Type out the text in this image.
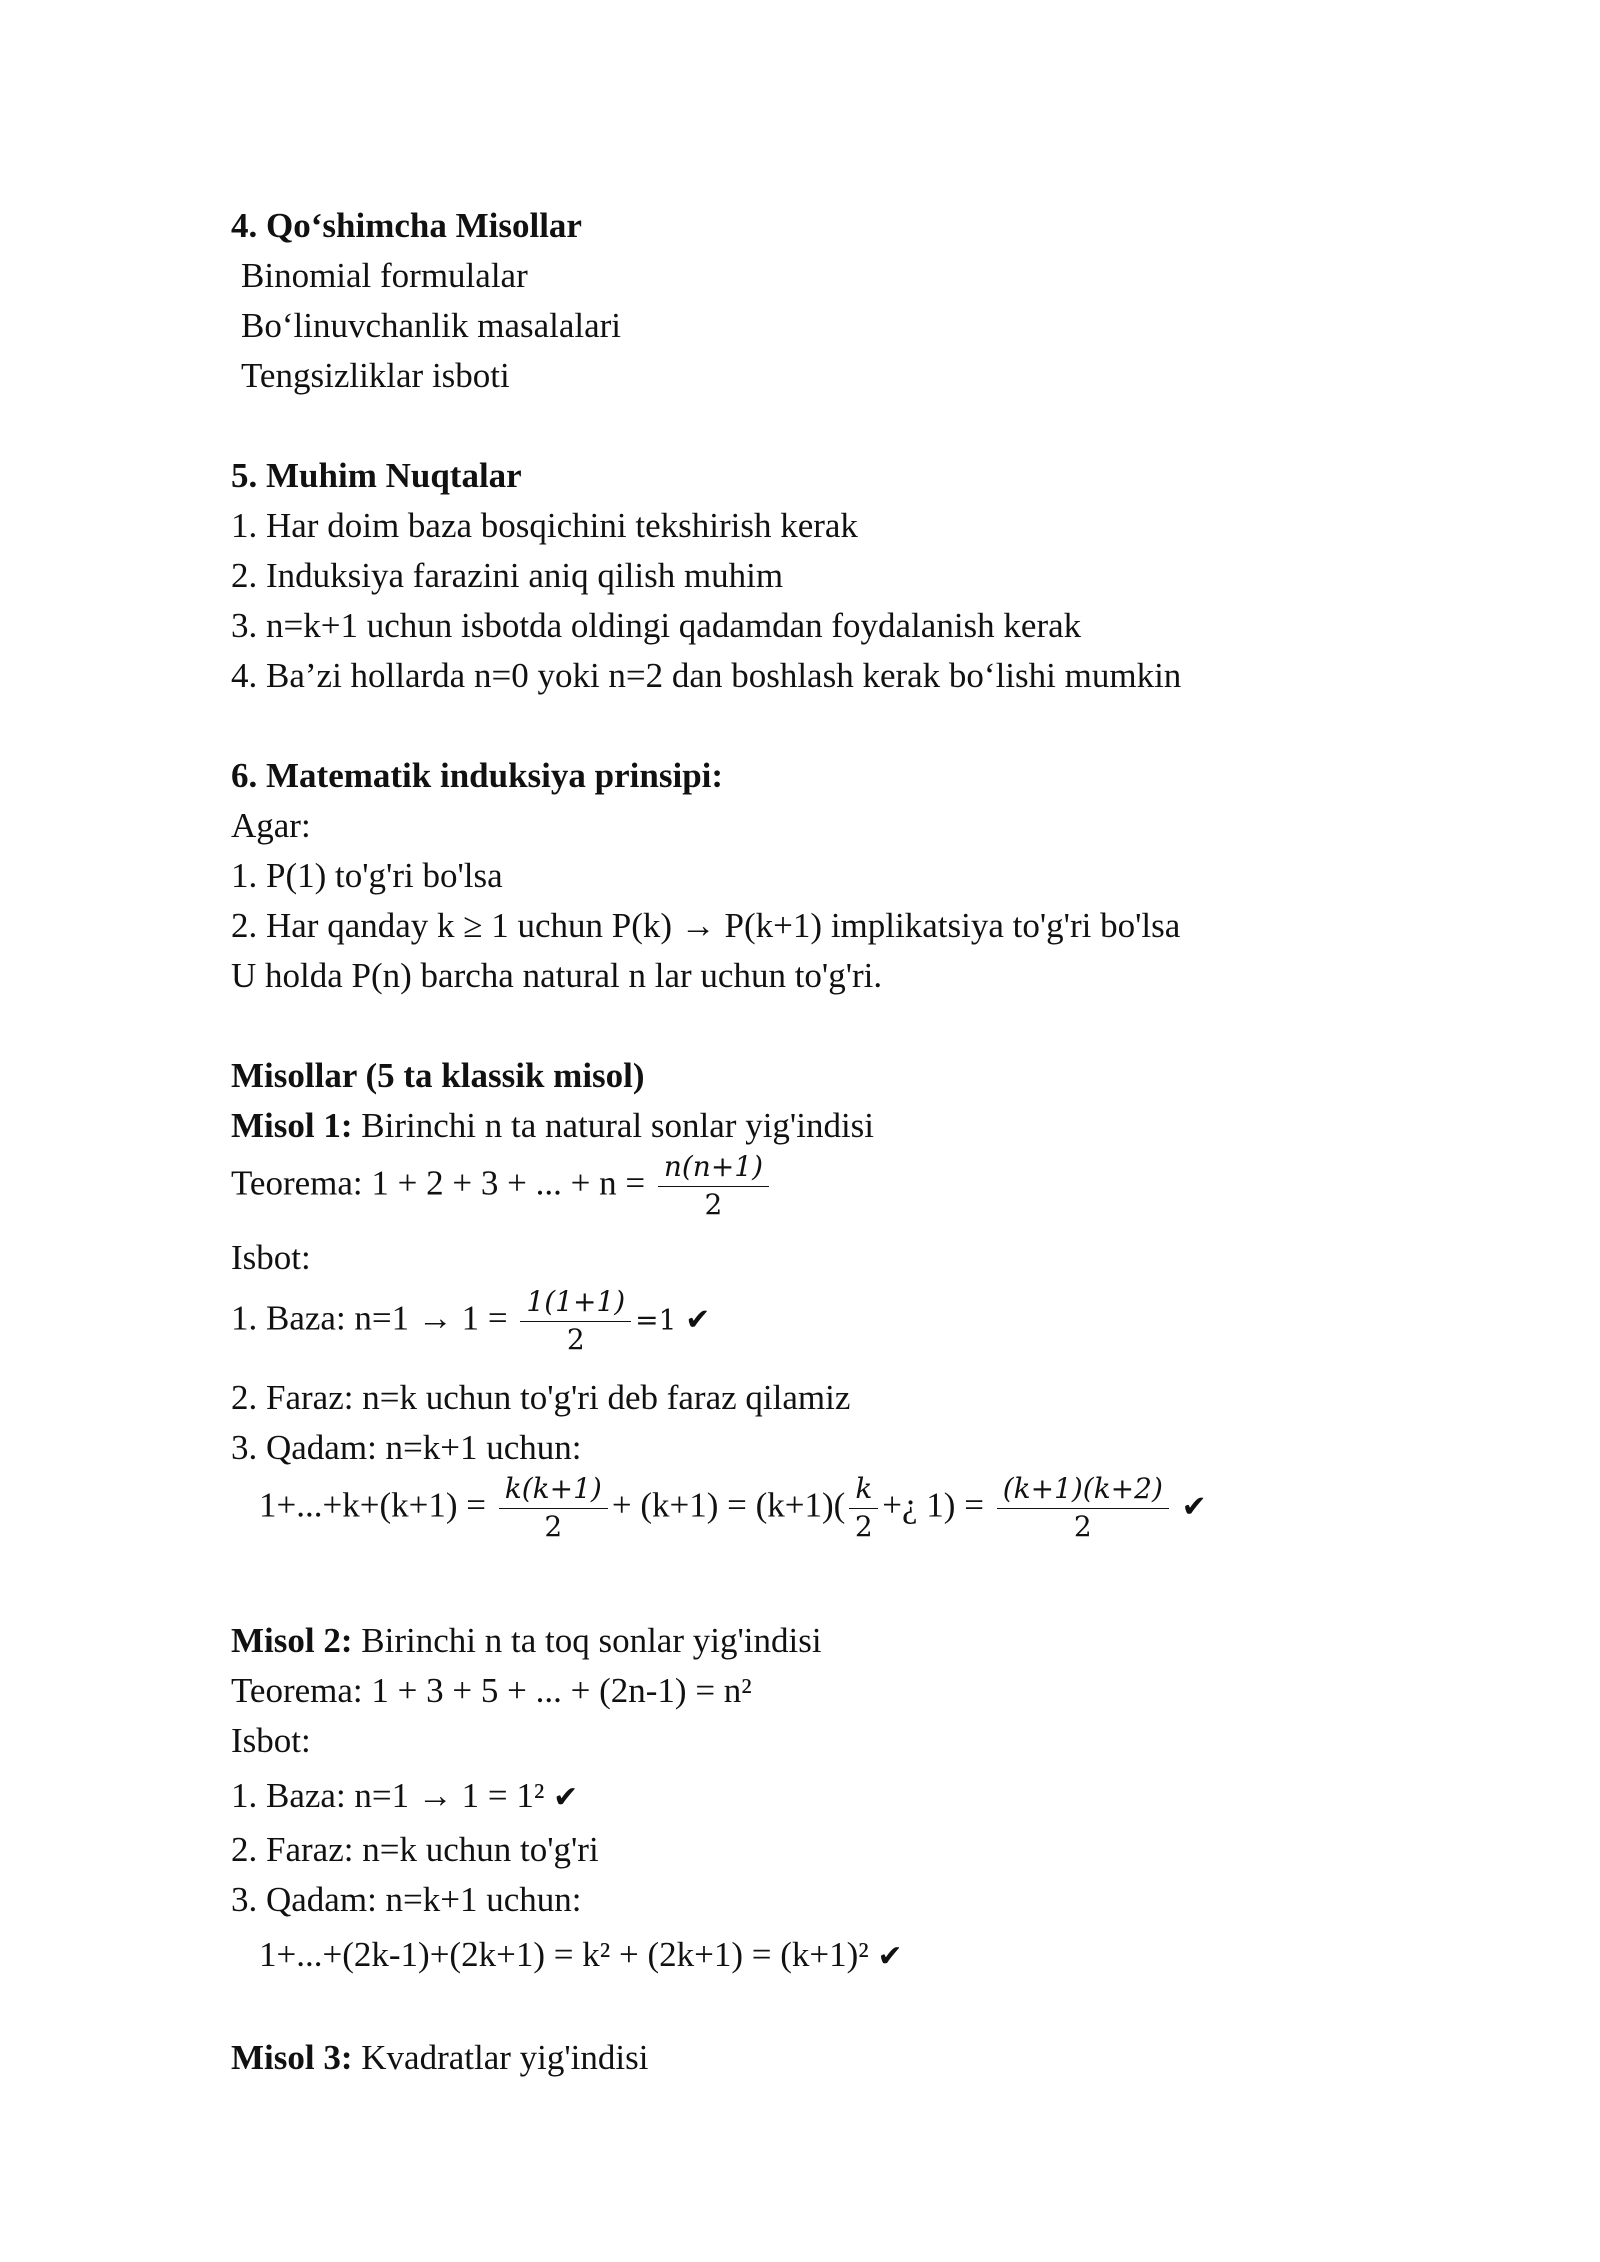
4. Qo‘shimcha Misollar
Binomial formulalar
Bo‘linuvchanlik masalalari
Tengsizliklar isboti
5. Muhim Nuqtalar
1. Har doim baza bosqichini tekshirish kerak
2. Induksiya farazini aniq qilish muhim
3. n=k+1 uchun isbotda oldingi qadamdan foydalanish kerak
4. Ba’zi hollarda n=0 yoki n=2 dan boshlash kerak bo‘lishi mumkin
6. Matematik induksiya prinsipi:
Agar:
1. P(1) to'g'ri bo'lsa
2. Har qanday k ≥ 1 uchun P(k) → P(k+1) implikatsiya to'g'ri bo'lsa
U holda P(n) barcha natural n lar uchun to'g'ri.
Misollar (5 ta klassik misol)
Misol 1: Birinchi n ta natural sonlar yig'indisi
Teorema: 1 + 2 + 3 + ... + $n = \frac{n(n+1)}{2}$
Isbot:
1. Baza: $n=1 \to 1 = \frac{1(1+1)}{2} =1$ ✔
2. Faraz: n=k uchun to'g'ri deb faraz qilamiz
3. Qadam: n=k+1 uchun:
$1+...+k+(k+1) = \frac{k(k+1)}{2} + (k+1) = (k+1)( \frac{k}{2}$ +¿ $1) = \frac{(k+1)(k+2)}{2}$ ✔
Misol 2: Birinchi n ta toq sonlar yig'indisi
Teorema: 1 + 3 + 5 + ... + (2n-1) = n²
Isbot:
1. Baza: n=1 → 1 = 1² ✔
2. Faraz: n=k uchun to'g'ri
3. Qadam: n=k+1 uchun:
1+...+(2k-1)+(2k+1) = k² + (2k+1) = (k+1)² ✔
Misol 3: Kvadratlar yig'indisi
